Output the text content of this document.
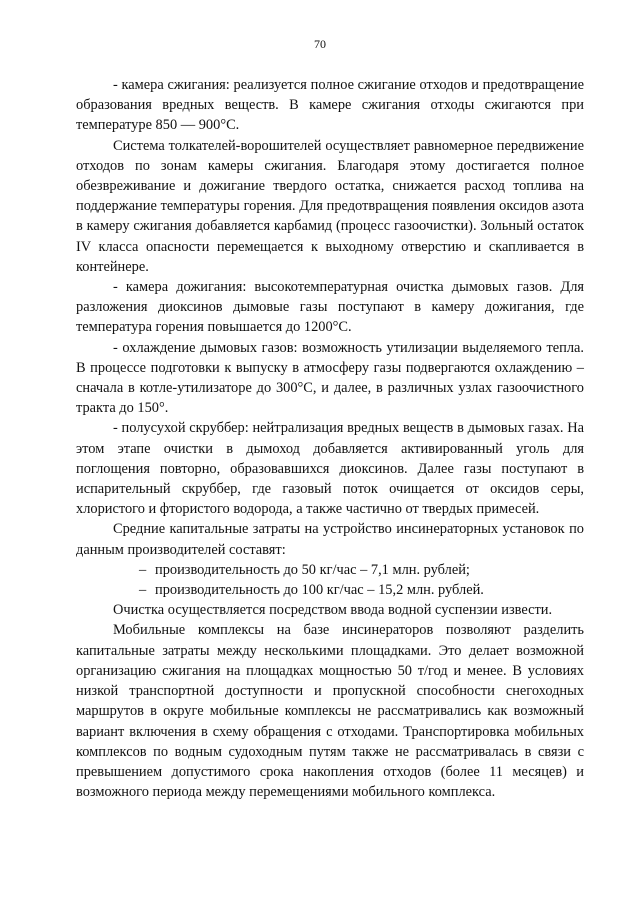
70

- камера сжигания: реализуется полное сжигание отходов и предотвращение образования вредных веществ. В камере сжигания отходы сжигаются при температуре 850 — 900°С.

Система толкателей-ворошителей осуществляет равномерное передвижение отходов по зонам камеры сжигания. Благодаря этому достигается полное обезвреживание и дожигание твердого остатка, снижается расход топлива на поддержание температуры горения. Для предотвращения появления оксидов азота в камеру сжигания добавляется карбамид (процесс газоочистки). Зольный остаток IV класса опасности перемещается к выходному отверстию и скапливается в контейнере.

- камера дожигания: высокотемпературная очистка дымовых газов. Для разложения диоксинов дымовые газы поступают в камеру дожигания, где температура горения повышается до 1200°С.

- охлаждение дымовых газов: возможность утилизации выделяемого тепла. В процессе подготовки к выпуску в атмосферу газы подвергаются охлаждению – сначала в котле-утилизаторе до 300°С, и далее, в различных узлах газоочистного тракта до 150°.

- полусухой скруббер: нейтрализация вредных веществ в дымовых газах. На этом этапе очистки в дымоход добавляется активированный уголь для поглощения повторно, образовавшихся диоксинов. Далее газы поступают в испарительный скруббер, где газовый поток очищается от оксидов серы, хлористого и фтористого водорода, а также частично от твердых примесей.

Средние капитальные затраты на устройство инсинераторных установок по данным производителей составят:

– производительность до 50 кг/час – 7,1 млн. рублей;

– производительность до 100 кг/час – 15,2 млн. рублей.

Очистка осуществляется посредством ввода водной суспензии извести.

Мобильные комплексы на базе инсинераторов позволяют разделить капитальные затраты между несколькими площадками. Это делает возможной организацию сжигания на площадках мощностью 50 т/год и менее. В условиях низкой транспортной доступности и пропускной способности снегоходных маршрутов в округе мобильные комплексы не рассматривались как возможный вариант включения в схему обращения с отходами. Транспортировка мобильных комплексов по водным судоходным путям также не рассматривалась в связи с превышением допустимого срока накопления отходов (более 11 месяцев) и возможного периода между перемещениями мобильного комплекса.
